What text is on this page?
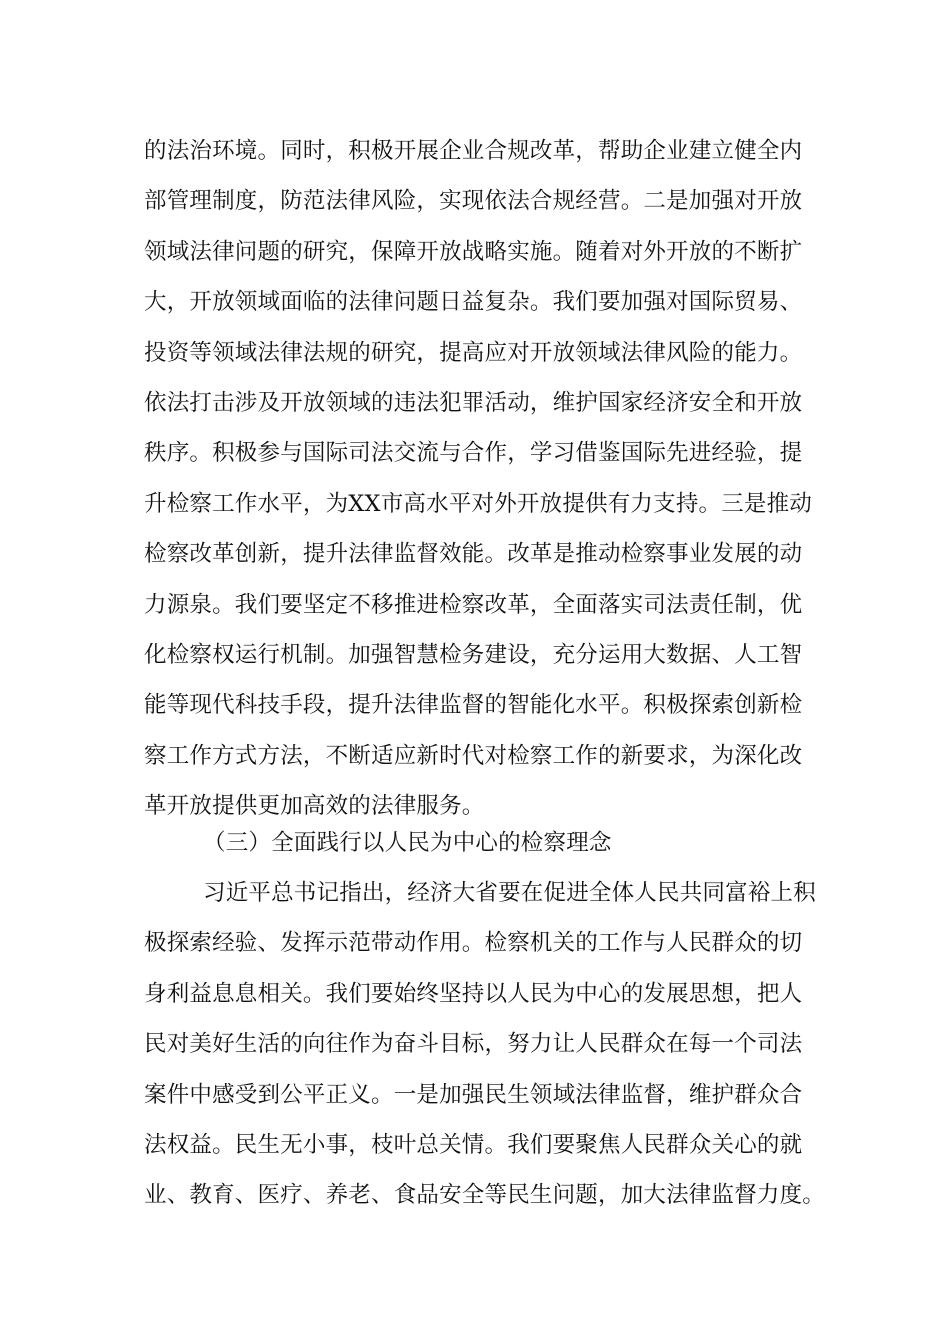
的法治环境。同时，积极开展企业合规改革，帮助企业建立健全内
部管理制度，防范法律风险，实现依法合规经营。二是加强对开放
领域法律问题的研究，保障开放战略实施。随着对外开放的不断扩
大，开放领域面临的法律问题日益复杂。我们要加强对国际贸易、
投资等领域法律法规的研究，提高应对开放领域法律风险的能力。
依法打击涉及开放领域的违法犯罪活动，维护国家经济安全和开放
秩序。积极参与国际司法交流与合作，学习借鉴国际先进经验，提
升检察工作水平，为XX市高水平对外开放提供有力支持。三是推动
检察改革创新，提升法律监督效能。改革是推动检察事业发展的动
力源泉。我们要坚定不移推进检察改革，全面落实司法责任制，优
化检察权运行机制。加强智慧检务建设，充分运用大数据、人工智
能等现代科技手段，提升法律监督的智能化水平。积极探索创新检
察工作方式方法，不断适应新时代对检察工作的新要求，为深化改
革开放提供更加高效的法律服务。
（三）全面践行以人民为中心的检察理念
习近平总书记指出，经济大省要在促进全体人民共同富裕上积
极探索经验、发挥示范带动作用。检察机关的工作与人民群众的切
身利益息息相关。我们要始终坚持以人民为中心的发展思想，把人
民对美好生活的向往作为奋斗目标，努力让人民群众在每一个司法
案件中感受到公平正义。一是加强民生领域法律监督，维护群众合
法权益。民生无小事，枝叶总关情。我们要聚焦人民群众关心的就
业、教育、医疗、养老、食品安全等民生问题，加大法律监督力度。
